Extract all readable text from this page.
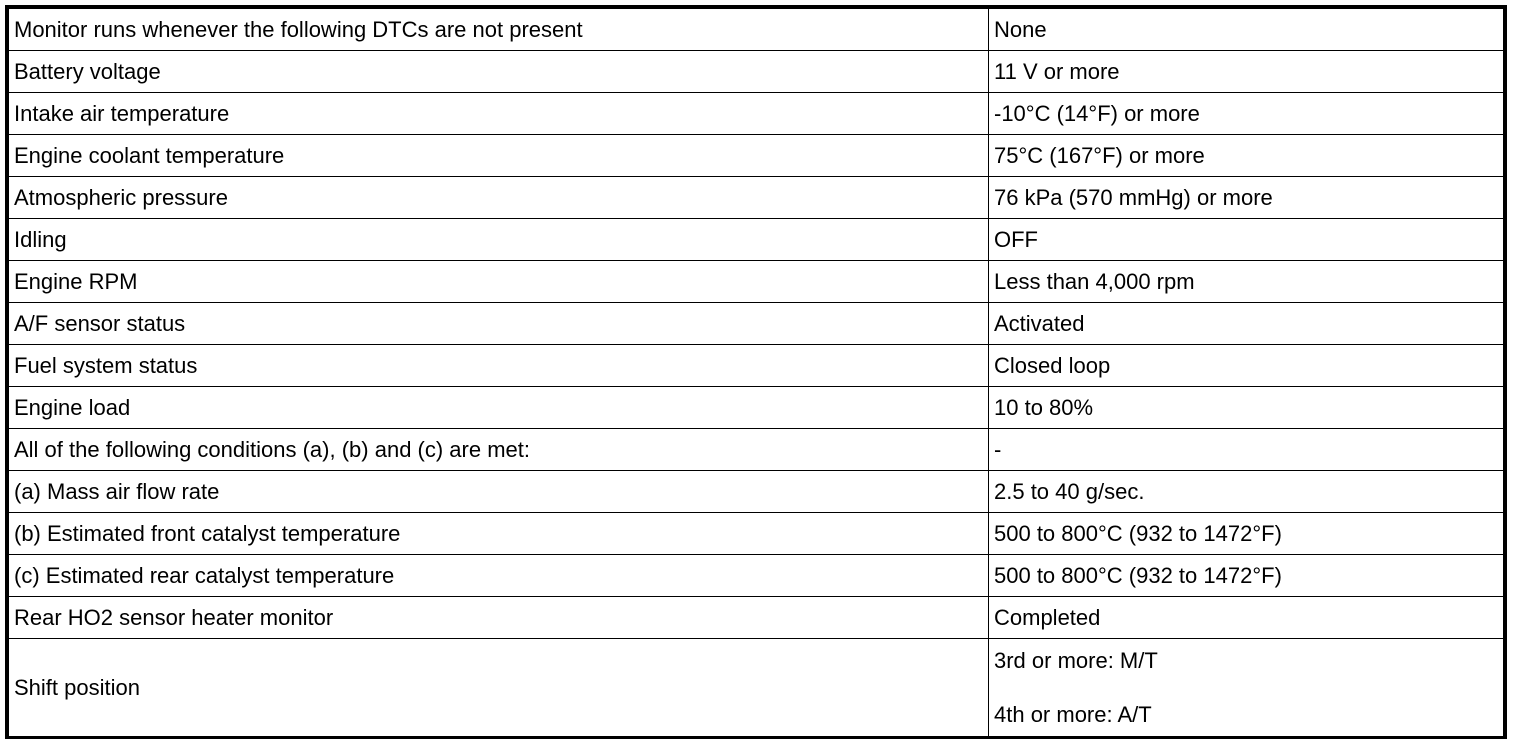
Monitor runs whenever the following DTCs are not present	None
Battery voltage	11 V or more
Intake air temperature	-10°C (14°F) or more
Engine coolant temperature	75°C (167°F) or more
Atmospheric pressure	76 kPa (570 mmHg) or more
Idling	OFF
Engine RPM	Less than 4,000 rpm
A/F sensor status	Activated
Fuel system status	Closed loop
Engine load	10 to 80%
All of the following conditions (a), (b) and (c) are met:	-
(a) Mass air flow rate	2.5 to 40 g/sec.
(b) Estimated front catalyst temperature	500 to 800°C (932 to 1472°F)
(c) Estimated rear catalyst temperature	500 to 800°C (932 to 1472°F)
Rear HO2 sensor heater monitor	Completed
Shift position	3rd or more: M/T
4th or more: A/T
